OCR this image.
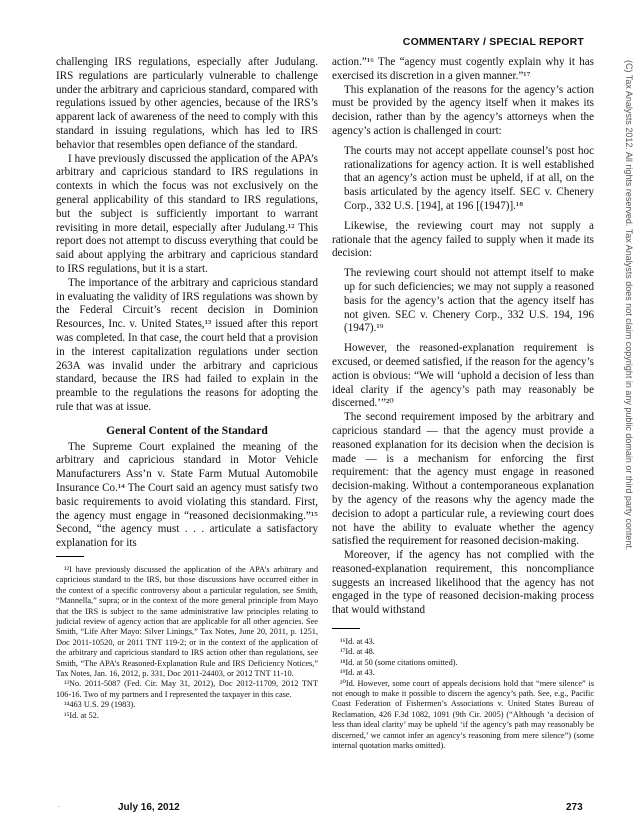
COMMENTARY / SPECIAL REPORT
(C) Tax Analysts 2012. All rights reserved. Tax Analysts does not claim copyright in any public domain or third party content.

challenging IRS regulations, especially after Judulang. IRS regulations are particularly vulnerable to challenge under the arbitrary and capricious standard, compared with regulations issued by other agencies, because of the IRS’s apparent lack of awareness of the need to comply with this standard in issuing regulations, which has led to IRS behavior that resembles open defiance of the standard.

I have previously discussed the application of the APA’s arbitrary and capricious standard to IRS regulations in contexts in which the focus was not exclusively on the general applicability of this standard to IRS regulations, but the subject is sufficiently important to warrant revisiting in more detail, especially after Judulang.¹² This report does not attempt to discuss everything that could be said about applying the arbitrary and capricious standard to IRS regulations, but it is a start.

The importance of the arbitrary and capricious standard in evaluating the validity of IRS regulations was shown by the Federal Circuit’s recent decision in Dominion Resources, Inc. v. United States,¹³ issued after this report was completed. In that case, the court held that a provision in the interest capitalization regulations under section 263A was invalid under the arbitrary and capricious standard, because the IRS had failed to explain in the preamble to the regulations the reasons for adopting the rule that was at issue.

General Content of the Standard

The Supreme Court explained the meaning of the arbitrary and capricious standard in Motor Vehicle Manufacturers Ass’n v. State Farm Mutual Automobile Insurance Co.¹⁴ The Court said an agency must satisfy two basic requirements to avoid violating this standard. First, the agency must engage in “reasoned decisionmaking.”¹⁵ Second, “the agency must . . . articulate a satisfactory explanation for its

¹²I have previously discussed the application of the APA’s arbitrary and capricious standard to the IRS, but those discussions have occurred either in the context of a specific controversy about a particular regulation, see Smith, “Mannella,” supra; or in the context of the more general principle from Mayo that the IRS is subject to the same administrative law principles relating to judicial review of agency action that are applicable for all other agencies. See Smith, “Life After Mayo: Silver Linings,” Tax Notes, June 20, 2011, p. 1251, Doc 2011-10520, or 2011 TNT 119-2; or in the context of the application of the arbitrary and capricious standard to IRS action other than regulations, see Smith, “The APA’s Reasoned-Explanation Rule and IRS Deficiency Notices,” Tax Notes, Jan. 16, 2012, p. 331, Doc 2011-24403, or 2012 TNT 11-10.

¹³No. 2011-5087 (Fed. Cir. May 31, 2012), Doc 2012-11709, 2012 TNT 106-16. Two of my partners and I represented the taxpayer in this case.

¹⁴463 U.S. 29 (1983).

¹⁵Id. at 52.

action.”¹⁶ The “agency must cogently explain why it has exercised its discretion in a given manner.”¹⁷

This explanation of the reasons for the agency’s action must be provided by the agency itself when it makes its decision, rather than by the agency’s attorneys when the agency’s action is challenged in court:

The courts may not accept appellate counsel’s post hoc rationalizations for agency action. It is well established that an agency’s action must be upheld, if at all, on the basis articulated by the agency itself. SEC v. Chenery Corp., 332 U.S. [194], at 196 [(1947)].¹⁸

Likewise, the reviewing court may not supply a rationale that the agency failed to supply when it made its decision:

The reviewing court should not attempt itself to make up for such deficiencies; we may not supply a reasoned basis for the agency’s action that the agency itself has not given. SEC v. Chenery Corp., 332 U.S. 194, 196 (1947).¹⁹

However, the reasoned-explanation requirement is excused, or deemed satisfied, if the reason for the agency’s action is obvious: “We will ‘uphold a decision of less than ideal clarity if the agency’s path may reasonably be discerned.’”²⁰

The second requirement imposed by the arbitrary and capricious standard — that the agency must provide a reasoned explanation for its decision when the decision is made — is a mechanism for enforcing the first requirement: that the agency must engage in reasoned decision-making. Without a contemporaneous explanation by the agency of the reasons why the agency made the decision to adopt a particular rule, a reviewing court does not have the ability to evaluate whether the agency satisfied the requirement for reasoned decision-making.

Moreover, if the agency has not complied with the reasoned-explanation requirement, this noncompliance suggests an increased likelihood that the agency has not engaged in the type of reasoned decision-making process that would withstand

¹⁶Id. at 43.

¹⁷Id. at 48.

¹⁸Id. at 50 (some citations omitted).

¹⁹Id. at 43.

²⁰Id. However, some court of appeals decisions hold that “mere silence” is not enough to make it possible to discern the agency’s path. See, e.g., Pacific Coast Federation of Fishermen’s Associations v. United States Bureau of Reclamation, 426 F.3d 1082, 1091 (9th Cir. 2005) (“Although ‘a decision of less than ideal clarity’ may be upheld ‘if the agency’s path may reasonably be discerned,’ we cannot infer an agency’s reasoning from mere silence”) (some internal quotation marks omitted).

.	July 16, 2012	273
